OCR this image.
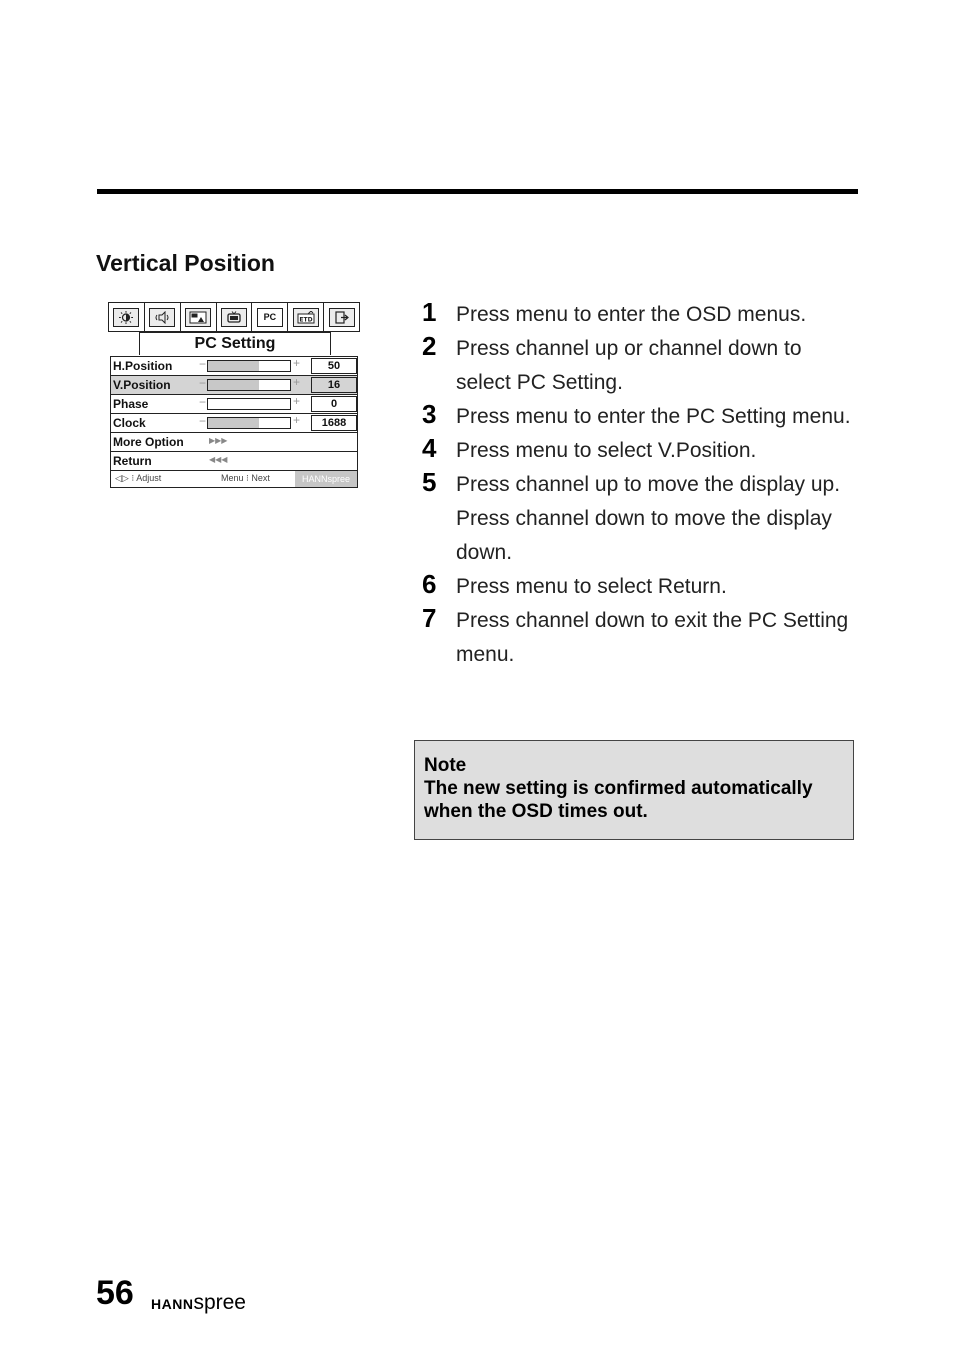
Vertical Position
PC	ETD
PC Setting
H.Position −	+	50
V.Position −	+	16
Phase	−	+	0
Clock	−	+	1688
More Option	▶▶▶
Return	◀◀◀
◁▷ ⁝ Adjust	Menu ⁝ Next	HANNspree
1 Press menu to enter the OSD menus.
2 Press channel up or channel down to select PC Setting.
3 Press menu to enter the PC Setting menu.
4 Press menu to select V.Position.
5 Press channel up to move the display up. Press channel down to move the display down.
6 Press menu to select Return.
7 Press channel down to exit the PC Setting menu.
Note
The new setting is confirmed automatically when the OSD times out.
56 HANNspree
